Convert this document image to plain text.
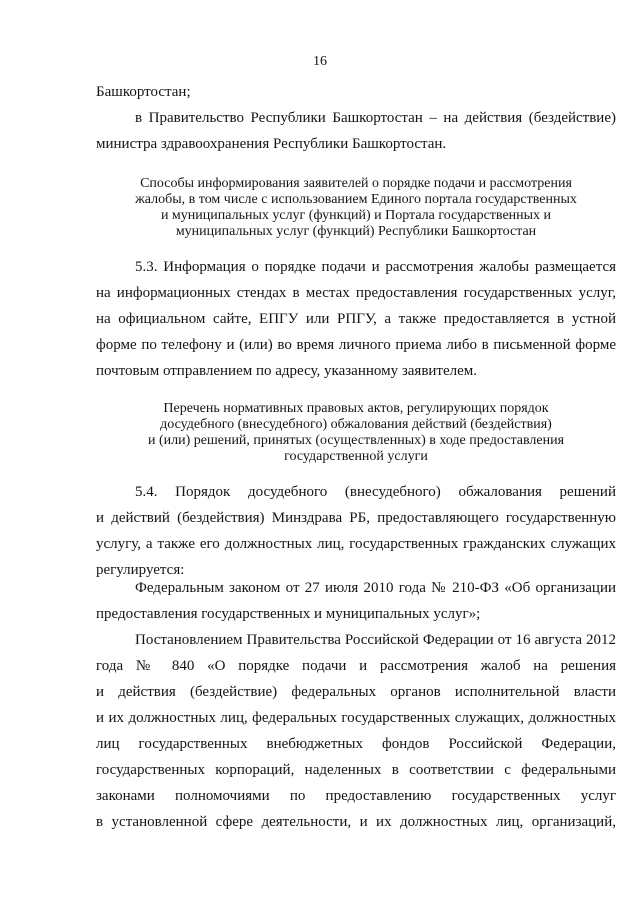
16

Башкортостан;

в Правительство Республики Башкортостан – на действия (бездействие)

министра здравоохранения Республики Башкортостан.

Способы информирования заявителей о порядке подачи и рассмотрения
жалобы, в том числе с использованием Единого портала государственных
и муниципальных услуг (функций) и Портала государственных и
муниципальных услуг (функций) Республики Башкортостан

5.3. Информация о порядке подачи и рассмотрения жалобы размещается

на информационных стендах в местах предоставления государственных услуг,

на официальном сайте, ЕПГУ или РПГУ, а также предоставляется в устной

форме по телефону и (или) во время личного приема либо в письменной форме

почтовым отправлением по адресу, указанному заявителем.

Перечень нормативных правовых актов, регулирующих порядок
досудебного (внесудебного) обжалования действий (бездействия)
и (или) решений, принятых (осуществленных) в ходе предоставления
государственной услуги

5.4. Порядок досудебного (внесудебного) обжалования решений

и действий (бездействия) Минздрава РБ, предоставляющего государственную

услугу, а также его должностных лиц, государственных гражданских служащих

регулируется:

Федеральным законом от 27 июля 2010 года № 210-ФЗ «Об организации

предоставления государственных и муниципальных услуг»;

Постановлением Правительства Российской Федерации от 16 августа 2012

года № 840 «О порядке подачи и рассмотрения жалоб на решения

и действия (бездействие) федеральных органов исполнительной власти

и их должностных лиц, федеральных государственных служащих, должностных

лиц государственных внебюджетных фондов Российской Федерации,

государственных корпораций, наделенных в соответствии с федеральными

законами полномочиями по предоставлению государственных услуг

в установленной сфере деятельности, и их должностных лиц, организаций,
